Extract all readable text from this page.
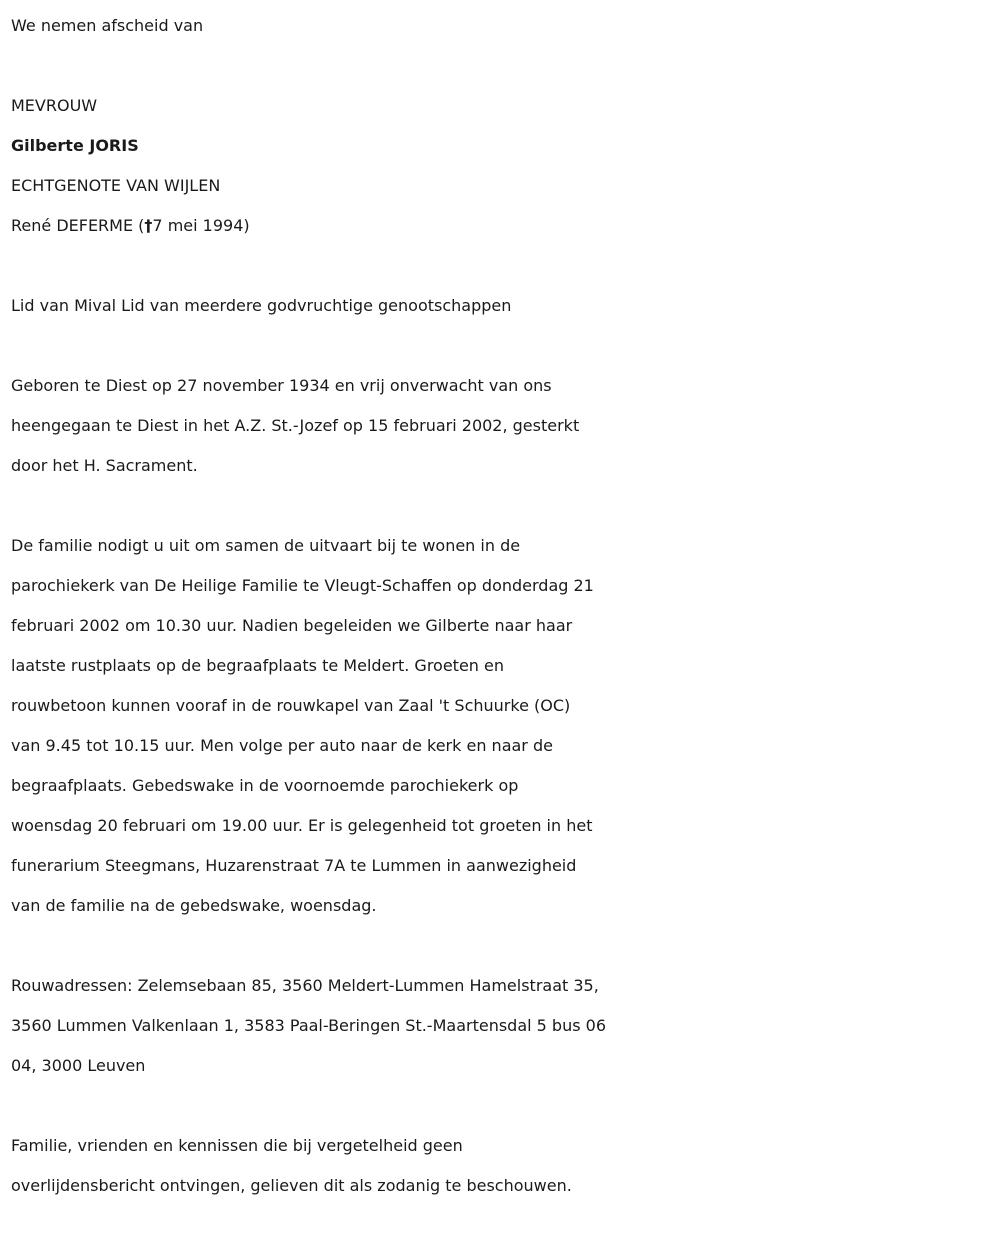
We nemen afscheid van

MEVROUW

Gilberte JORIS

ECHTGENOTE VAN WIJLEN

René DEFERME (†7 mei 1994)

Lid van Mival Lid van meerdere godvruchtige genootschappen

Geboren te Diest op 27 november 1934 en vrij onverwacht van ons

heengegaan te Diest in het A.Z. St.-Jozef op 15 februari 2002, gesterkt

door het H. Sacrament.

De familie nodigt u uit om samen de uitvaart bij te wonen in de

parochiekerk van De Heilige Familie te Vleugt-Schaffen op donderdag 21

februari 2002 om 10.30 uur. Nadien begeleiden we Gilberte naar haar

laatste rustplaats op de begraafplaats te Meldert. Groeten en

rouwbetoon kunnen vooraf in de rouwkapel van Zaal 't Schuurke (OC)

van 9.45 tot 10.15 uur. Men volge per auto naar de kerk en naar de

begraafplaats. Gebedswake in de voornoemde parochiekerk op

woensdag 20 februari om 19.00 uur. Er is gelegenheid tot groeten in het

funerarium Steegmans, Huzarenstraat 7A te Lummen in aanwezigheid

van de familie na de gebedswake, woensdag.

Rouwadressen: Zelemsebaan 85, 3560 Meldert-Lummen Hamelstraat 35,

3560 Lummen Valkenlaan 1, 3583 Paal-Beringen St.-Maartensdal 5 bus 06

04, 3000 Leuven

Familie, vrienden en kennissen die bij vergetelheid geen

overlijdensbericht ontvingen, gelieven dit als zodanig te beschouwen.
